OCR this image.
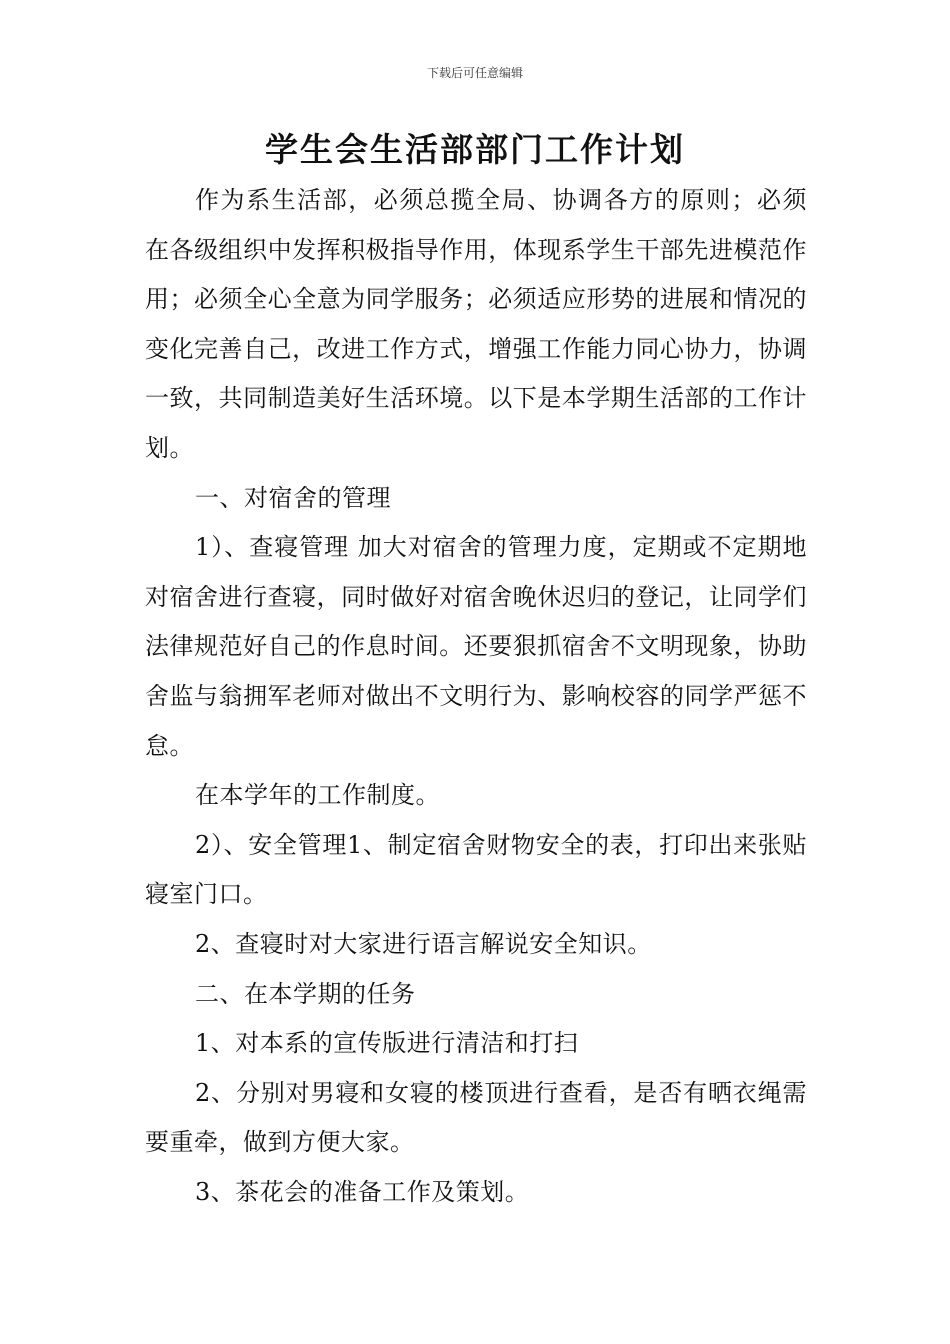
下载后可任意编辑
学生会生活部部门工作计划

作为系生活部，必须总揽全局、协调各方的原则；必须在各级组织中发挥积极指导作用，体现系学生干部先进模范作用；必须全心全意为同学服务；必须适应形势的进展和情况的变化完善自己，改进工作方式，增强工作能力同心协力，协调一致，共同制造美好生活环境。以下是本学期生活部的工作计划。

一、对宿舍的管理

1）、查寝管理 加大对宿舍的管理力度，定期或不定期地对宿舍进行查寝，同时做好对宿舍晚休迟归的登记，让同学们法律规范好自己的作息时间。还要狠抓宿舍不文明现象，协助舍监与翁拥军老师对做出不文明行为、影响校容的同学严惩不怠。

在本学年的工作制度。

2）、安全管理1、制定宿舍财物安全的表，打印出来张贴寝室门口。

2、查寝时对大家进行语言解说安全知识。

二、在本学期的任务

1、对本系的宣传版进行清洁和打扫

2、分别对男寝和女寝的楼顶进行查看，是否有晒衣绳需要重牵，做到方便大家。

3、茶花会的准备工作及策划。
